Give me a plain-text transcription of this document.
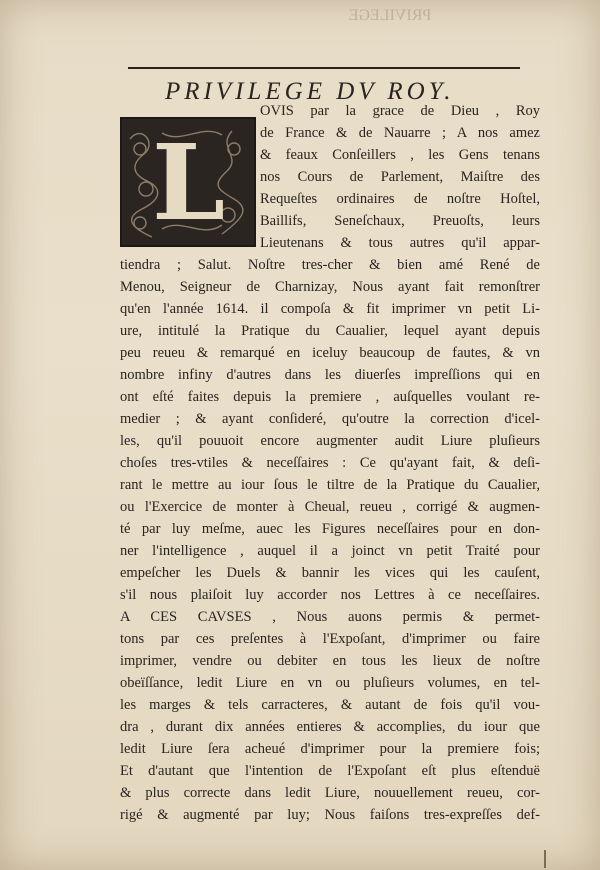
PRIVILEGE
PRIVILEGE DV ROY.
L
OVIS par la grace de Dieu , Roy
de France & de Nauarre ; A nos amez
& feaux Conſeillers , les Gens tenans
nos Cours de Parlement, Maiſtre des
Requeſtes ordinaires de noſtre Hoſtel,
Baillifs, Seneſchaux, Preuoſts, leurs
Lieutenans & tous autres qu'il appar-
tiendra ; Salut. Noſtre tres-cher & bien amé René de
Menou, Seigneur de Charnizay, Nous ayant fait remonſtrer
qu'en l'année 1614. il compoſa & fit imprimer vn petit Li-
ure, intitulé la Pratique du Caualier, lequel ayant depuis
peu reueu & remarqué en iceluy beaucoup de fautes, & vn
nombre infiny d'autres dans les diuerſes impreſſions qui en
ont eſté faites depuis la premiere , auſquelles voulant re-
medier ; & ayant conſideré, qu'outre la correction d'icel-
les, qu'il pouuoit encore augmenter audit Liure pluſieurs
choſes tres-vtiles & neceſſaires : Ce qu'ayant fait, & deſi-
rant le mettre au iour ſous le tiltre de la Pratique du Caualier,
ou l'Exercice de monter à Cheual, reueu , corrigé & augmen-
té par luy meſme, auec les Figures neceſſaires pour en don-
ner l'intelligence , auquel il a joinct vn petit Traité pour
empeſcher les Duels & bannir les vices qui les cauſent,
s'il nous plaiſoit luy accorder nos Lettres à ce neceſſaires.
A CES CAVSES , Nous auons permis & permet-
tons par ces preſentes à l'Expoſant, d'imprimer ou faire
imprimer, vendre ou debiter en tous les lieux de noſtre
obeïſſance, ledit Liure en vn ou pluſieurs volumes, en tel-
les marges & tels carracteres, & autant de fois qu'il vou-
dra , durant dix années entieres & accomplies, du iour que
ledit Liure ſera acheué d'imprimer pour la premiere fois;
Et d'autant que l'intention de l'Expoſant eſt plus eſtenduë
& plus correcte dans ledit Liure, nouuellement reueu, cor-
rigé & augmenté par luy; Nous faiſons tres-expreſſes def-
